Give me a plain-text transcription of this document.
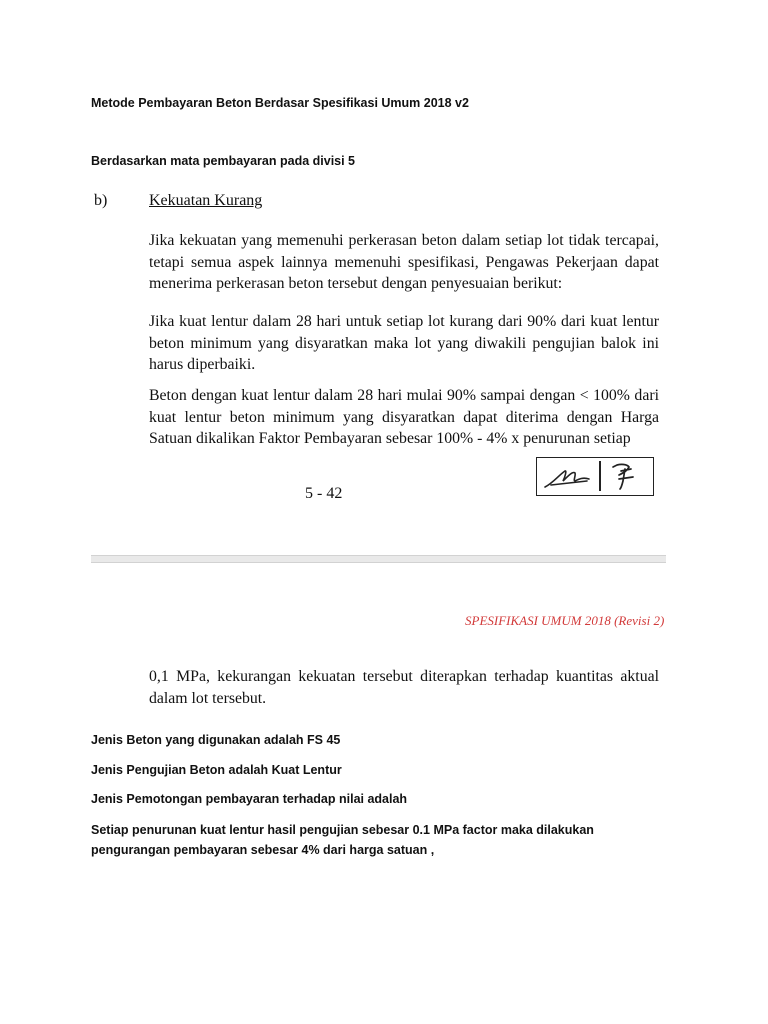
Metode Pembayaran Beton Berdasar Spesifikasi Umum 2018 v2
Berdasarkan mata pembayaran pada divisi 5
b)	Kekuatan Kurang
Jika kekuatan yang memenuhi perkerasan beton dalam setiap lot tidak tercapai, tetapi semua aspek lainnya memenuhi spesifikasi, Pengawas Pekerjaan dapat menerima perkerasan beton tersebut dengan penyesuaian berikut:
Jika kuat lentur dalam 28 hari untuk setiap lot kurang dari 90% dari kuat lentur beton minimum yang disyaratkan maka lot yang diwakili pengujian balok ini harus diperbaiki.
Beton dengan kuat lentur dalam 28 hari mulai 90% sampai dengan < 100% dari kuat lentur beton minimum yang disyaratkan dapat diterima dengan Harga Satuan dikalikan Faktor Pembayaran sebesar 100% - 4% x penurunan setiap
5 - 42
SPESIFIKASI UMUM 2018 (Revisi 2)
0,1 MPa, kekurangan kekuatan tersebut diterapkan terhadap kuantitas aktual dalam lot tersebut.
Jenis Beton yang digunakan adalah FS 45
Jenis Pengujian Beton adalah Kuat Lentur
Jenis Pemotongan pembayaran terhadap nilai adalah
Setiap penurunan kuat lentur hasil pengujian sebesar 0.1 MPa factor maka dilakukan pengurangan pembayaran sebesar 4% dari harga satuan ,
